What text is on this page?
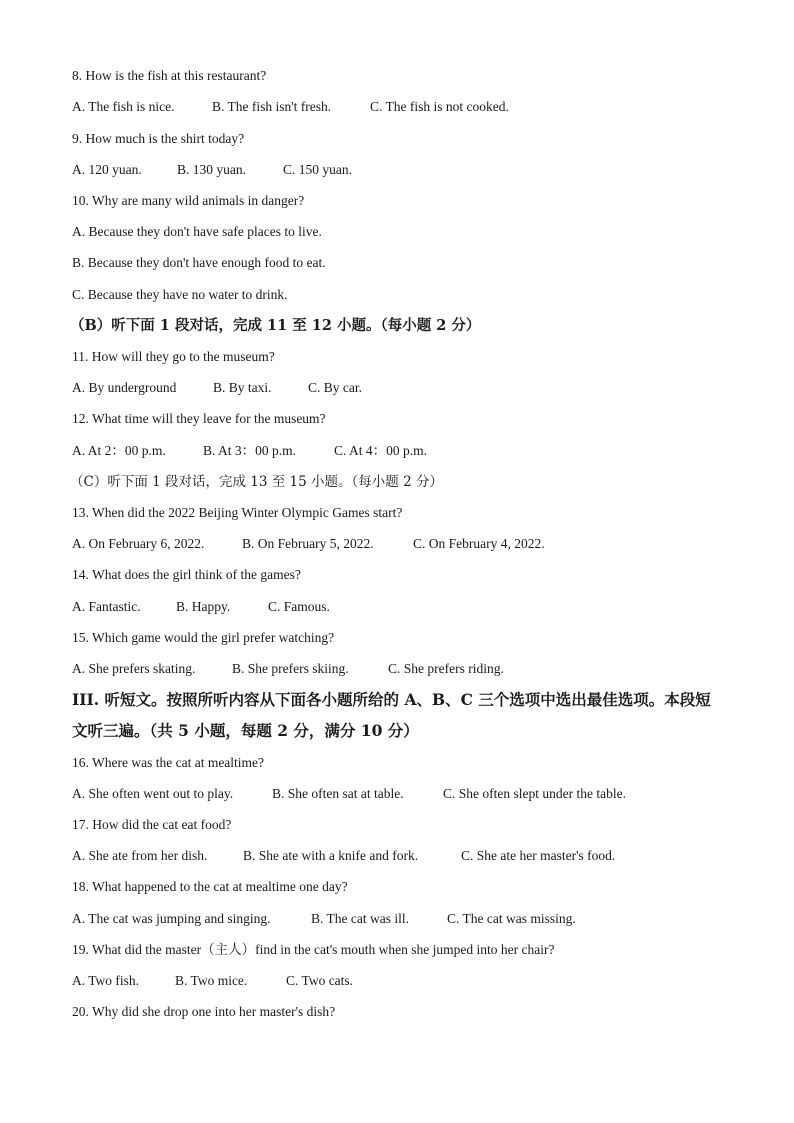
8. How is the fish at this restaurant?
A. The fish is nice.	B. The fish isn't fresh.	C. The fish is not cooked.
9. How much is the shirt today?
A. 120 yuan.	B. 130 yuan.	C. 150 yuan.
10. Why are many wild animals in danger?
A. Because they don't have safe places to live.
B. Because they don't have enough food to eat.
C. Because they have no water to drink.
（B）听下面 1 段对话，完成 11 至 12 小题。（每小题 2 分）
11. How will they go to the museum?
A. By underground	B. By taxi.	C. By car.
12. What time will they leave for the museum?
A. At 2：00 p.m.	B. At 3：00 p.m.	C. At 4：00 p.m.
（C）听下面 1 段对话，完成 13 至 15 小题。（每小题 2 分）
13. When did the 2022 Beijing Winter Olympic Games start?
A. On February 6, 2022.	B. On February 5, 2022.	C. On February 4, 2022.
14. What does the girl think of the games?
A. Fantastic.	B. Happy.	C. Famous.
15. Which game would the girl prefer watching?
A. She prefers skating.	B. She prefers skiing.	C. She prefers riding.
III. 听短文。按照所听内容从下面各小题所给的 A、B、C 三个选项中选出最佳选项。本段短
文听三遍。（共 5 小题，每题 2 分，满分 10 分）
16. Where was the cat at mealtime?
A. She often went out to play.	B. She often sat at table.	C. She often slept under the table.
17. How did the cat eat food?
A. She ate from her dish.	B. She ate with a knife and fork.	C. She ate her master's food.
18. What happened to the cat at mealtime one day?
A. The cat was jumping and singing.	B. The cat was ill.	C. The cat was missing.
19. What did the master（主人）find in the cat's mouth when she jumped into her chair?
A. Two fish.	B. Two mice.	C. Two cats.
20. Why did she drop one into her master's dish?
